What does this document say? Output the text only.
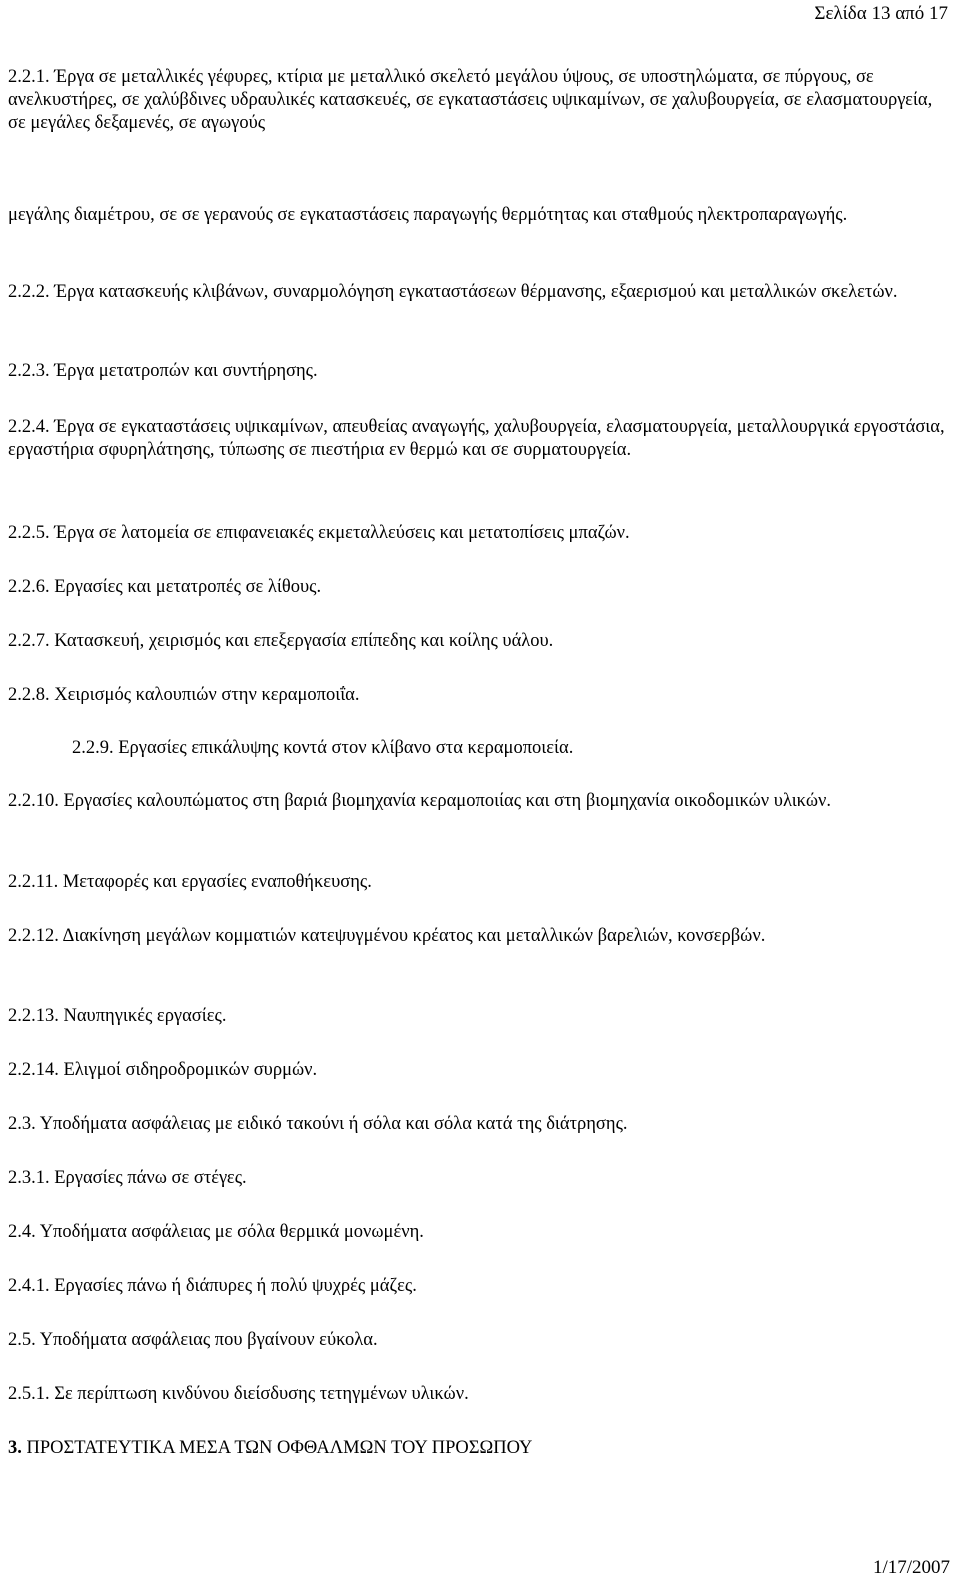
Σελίδα 13 από 17

2.2.1. Έργα σε μεταλλικές γέφυρες, κτίρια με μεταλλικό σκελετό μεγάλου ύψους, σε υποστηλώματα, σε πύργους, σε ανελκυστήρες, σε χαλύβδινες υδραυλικές κατασκευές, σε εγκαταστάσεις υψικαμίνων, σε χαλυβουργεία, σε ελασματουργεία, σε μεγάλες δεξαμενές, σε αγωγούς

μεγάλης διαμέτρου, σε σε γερανούς σε εγκαταστάσεις παραγωγής θερμότητας και σταθμούς ηλεκτροπαραγωγής.

2.2.2. Έργα κατασκευής κλιβάνων, συναρμολόγηση εγκαταστάσεων θέρμανσης, εξαερισμού και μεταλλικών σκελετών.

2.2.3. Έργα μετατροπών και συντήρησης.

2.2.4. Έργα σε εγκαταστάσεις υψικαμίνων, απευθείας αναγωγής, χαλυβουργεία, ελασματουργεία, μεταλλουργικά εργοστάσια, εργαστήρια σφυρηλάτησης, τύπωσης σε πιεστήρια εν θερμώ και σε συρματουργεία.

2.2.5. Έργα σε λατομεία σε επιφανειακές εκμεταλλεύσεις και μετατοπίσεις μπαζών.

2.2.6. Εργασίες και μετατροπές σε λίθους.

2.2.7. Κατασκευή, χειρισμός και επεξεργασία επίπεδης και κοίλης υάλου.

2.2.8. Χειρισμός καλουπιών στην κεραμοποιΐα.

2.2.9. Εργασίες επικάλυψης κοντά στον κλίβανο στα κεραμοποιεία.

2.2.10. Εργασίες καλουπώματος στη βαριά βιομηχανία κεραμοποιίας και στη βιομηχανία οικοδομικών υλικών.

2.2.11. Μεταφορές και εργασίες εναποθήκευσης.

2.2.12. Διακίνηση μεγάλων κομματιών κατεψυγμένου κρέατος και μεταλλικών βαρελιών, κονσερβών.

2.2.13. Ναυπηγικές εργασίες.

2.2.14. Ελιγμοί σιδηροδρομικών συρμών.

2.3. Υποδήματα ασφάλειας με ειδικό τακούνι ή σόλα και σόλα κατά της διάτρησης.

2.3.1. Εργασίες πάνω σε στέγες.

2.4. Υποδήματα ασφάλειας με σόλα θερμικά μονωμένη.

2.4.1. Εργασίες πάνω ή διάπυρες ή πολύ ψυχρές μάζες.

2.5. Υποδήματα ασφάλειας που βγαίνουν εύκολα.

2.5.1. Σε περίπτωση κινδύνου διείσδυσης τετηγμένων υλικών.

3. ΠΡΟΣΤΑΤΕΥΤΙΚΑ ΜΕΣΑ ΤΩΝ ΟΦΘΑΛΜΩΝ ΤΟΥ ΠΡΟΣΩΠΟΥ

1/17/2007
